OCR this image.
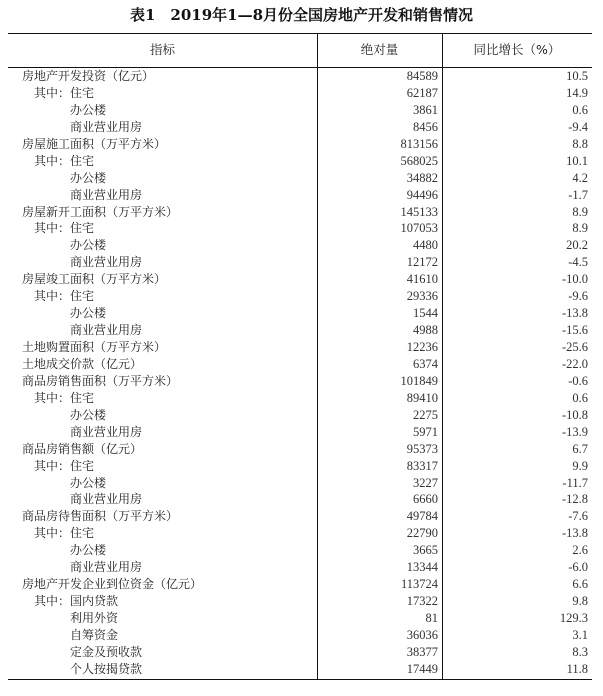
表1　2019年1—8月份全国房地产开发和销售情况
指标	绝对量	同比增长（%）
房地产开发投资（亿元）	84589	10.5
其中：住宅	62187	14.9
办公楼	3861	0.6
商业营业用房	8456	-9.4
房屋施工面积（万平方米）	813156	8.8
其中：住宅	568025	10.1
办公楼	34882	4.2
商业营业用房	94496	-1.7
房屋新开工面积（万平方米）	145133	8.9
其中：住宅	107053	8.9
办公楼	4480	20.2
商业营业用房	12172	-4.5
房屋竣工面积（万平方米）	41610	-10.0
其中：住宅	29336	-9.6
办公楼	1544	-13.8
商业营业用房	4988	-15.6
土地购置面积（万平方米）	12236	-25.6
土地成交价款（亿元）	6374	-22.0
商品房销售面积（万平方米）	101849	-0.6
其中：住宅	89410	0.6
办公楼	2275	-10.8
商业营业用房	5971	-13.9
商品房销售额（亿元）	95373	6.7
其中：住宅	83317	9.9
办公楼	3227	-11.7
商业营业用房	6660	-12.8
商品房待售面积（万平方米）	49784	-7.6
其中：住宅	22790	-13.8
办公楼	3665	2.6
商业营业用房	13344	-6.0
房地产开发企业到位资金（亿元）	113724	6.6
其中：国内贷款	17322	9.8
利用外资	81	129.3
自筹资金	36036	3.1
定金及预收款	38377	8.3
个人按揭贷款	17449	11.8
